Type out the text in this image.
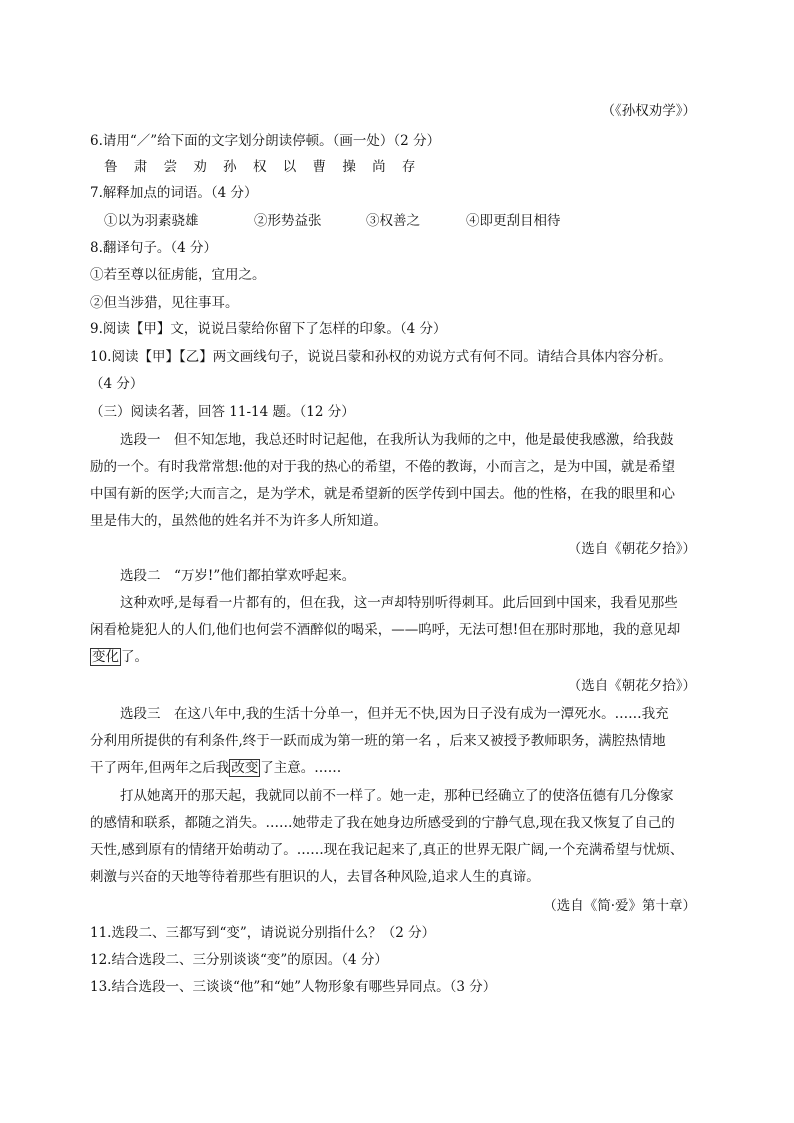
（《孙权劝学》）
6.请用“／”给下面的文字划分朗读停顿。（画一处）（2 分）
鲁 肃 尝 劝 孙 权 以 曹 操 尚 存
7.解释加点的词语。（4 分）
①以为羽素骁雄	②形势益张	③权善之	④即更刮目相待
8.翻译句子。（4 分）
①若至尊以征虏能，宜用之。
②但当涉猎，见往事耳。
9.阅读【甲】文，说说吕蒙给你留下了怎样的印象。（4 分）
10.阅读【甲】【乙】两文画线句子，说说吕蒙和孙权的劝说方式有何不同。请结合具体内容分析。
（4 分）
（三）阅读名著，回答 11-14 题。（12 分）
选段一　但不知怎地，我总还时时记起他，在我所认为我师的之中，他是最使我感激，给我鼓
励的一个。有时我常常想:他的对于我的热心的希望，不倦的教诲，小而言之，是为中国，就是希望
中国有新的医学;大而言之，是为学术，就是希望新的医学传到中国去。他的性格，在我的眼里和心
里是伟大的，虽然他的姓名并不为许多人所知道。
（选自《朝花夕拾》）
选段二　“万岁!”他们都拍掌欢呼起来。
这种欢呼,是每看一片都有的，但在我，这一声却特别听得刺耳。此后回到中国来，我看见那些
闲看枪毙犯人的人们,他们也何尝不酒醉似的喝采，——呜呼，无法可想!但在那时那地，我的意见却
变化 了。
（选自《朝花夕拾》）
选段三　在这八年中,我的生活十分单一，但并无不快,因为日子没有成为一潭死水。……我充
分利用所提供的有利条件,终于一跃而成为第一班的第一名 ，后来又被授予教师职务，满腔热情地
干了两年,但两年之后我 改变 了主意。……
打从她离开的那天起，我就同以前不一样了。她一走，那种已经确立了的使洛伍德有几分像家
的感情和联系，都随之消失。……她带走了我在她身边所感受到的宁静气息,现在我又恢复了自己的
天性,感到原有的情绪开始萌动了。……现在我记起来了,真正的世界无限广阔,一个充满希望与忧烦、
刺激与兴奋的天地等待着那些有胆识的人，去冒各种风险,追求人生的真谛。
（选自《简·爱》第十章）
11.选段二、三都写到“变”，请说说分别指什么？（2 分）
12.结合选段二、三分别谈谈“变”的原因。（4 分）
13.结合选段一、三谈谈“他”和“她”人物形象有哪些异同点。（3 分）
